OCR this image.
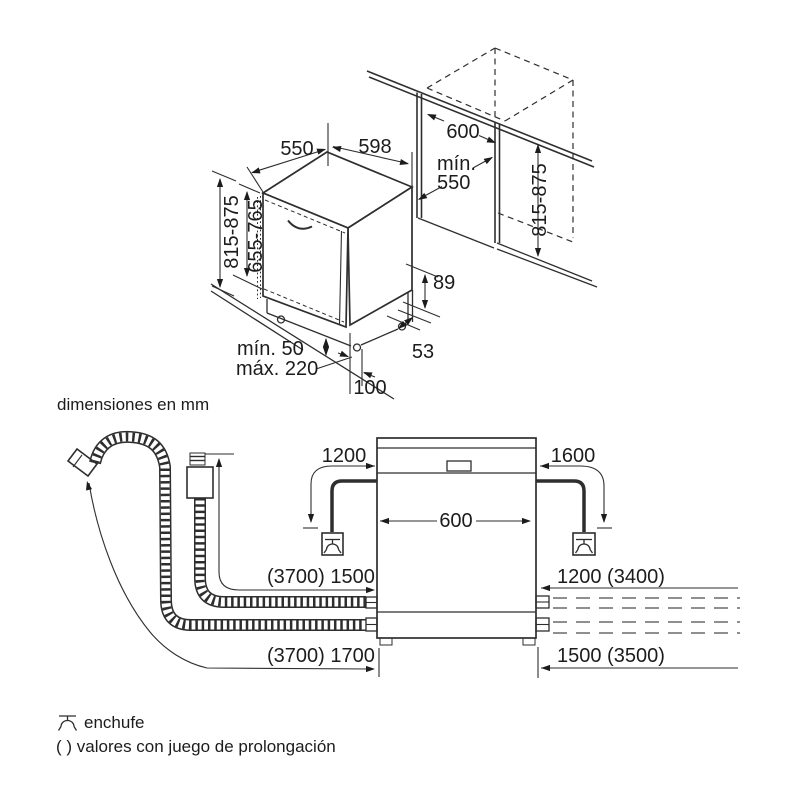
550 598
600
mín.
550
815-875 655-765	815-875
89
53
100
mín. 50
máx. 220
dimensiones en mm
600
1200	1600
(3700) 1500
(3700) 1700
1200 (3400)
1500 (3500)
enchufe
( ) valores con juego de prolongación
